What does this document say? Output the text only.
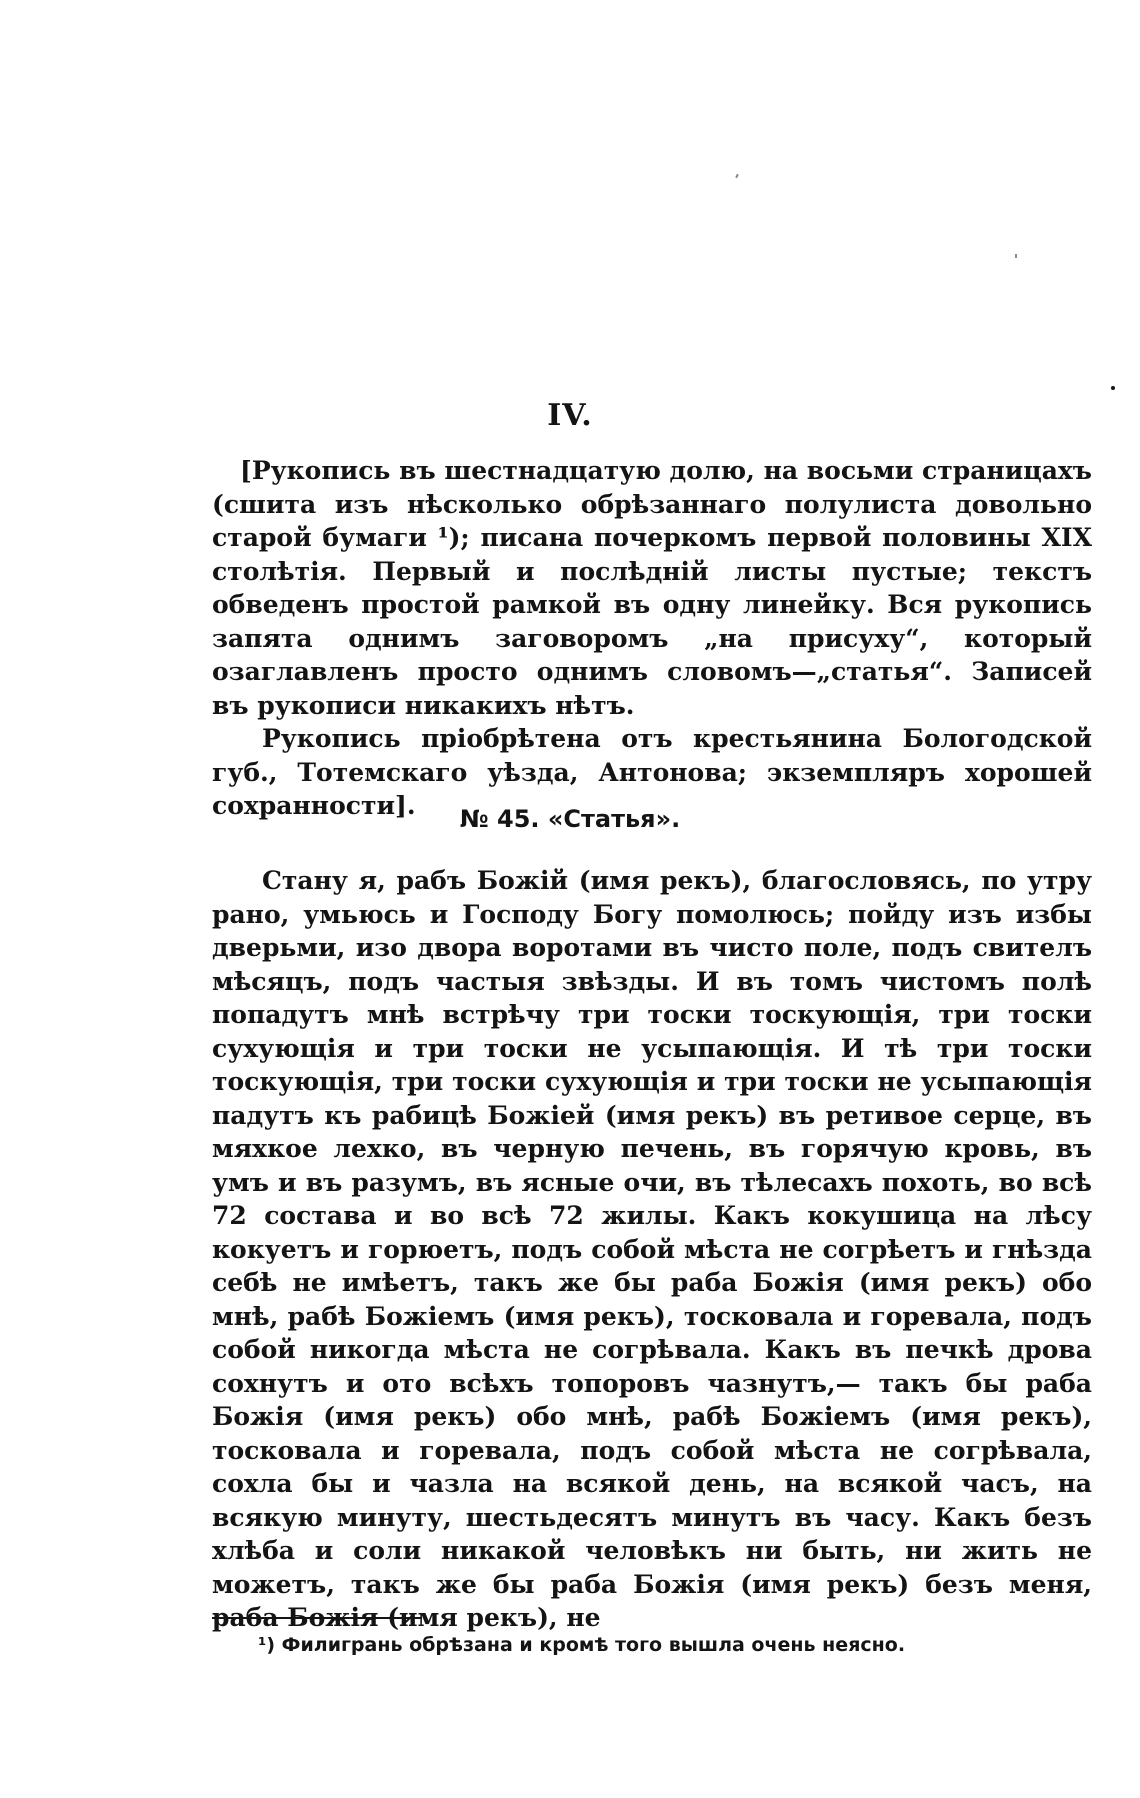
IV.

[Рукопись въ шестнадцатую долю, на восьми страницахъ (сшита изъ нѣсколько обрѣзаннаго полулиста довольно старой бумаги ¹); писана почеркомъ первой половины XIX столѣтія. Первый и послѣдній листы пустые; текстъ обведенъ простой рамкой въ одну линейку. Вся рукопись запята однимъ заговоромъ „на присуху“, который озаглавленъ просто однимъ словомъ—„статья“. Записей въ рукописи никакихъ нѣтъ.

Рукопись пріобрѣтена отъ крестьянина Бологодской губ., Тотемскаго уѣзда, Антонова; экземпляръ хорошей сохранности].	№ 45. «Статья».

Стану я, рабъ Божій (имя рекъ), благословясь, по утру рано, умьюсь и Господу Богу помолюсь; пойду изъ избы дверьми, изо двора воротами въ чисто поле, подъ свителъ мѣсяцъ, подъ частыя звѣзды. И въ томъ чистомъ полѣ попадутъ мнѣ встрѣчу три тоски тоскующія, три тоски сухующія и три тоски не усыпающія. И тѣ три тоски тоскующія, три тоски сухующія и три тоски не усыпающія падутъ къ рабицѣ Божіей (имя рекъ) въ ретивое серце, въ мяхкое лехко, въ черную печень, въ горячую кровь, въ умъ и въ разумъ, въ ясные очи, въ тѣлесахъ похоть, во всѣ 72 состава и во всѣ 72 жилы. Какъ кокушица на лѣсу кокуетъ и горюетъ, подъ собой мѣста не согрѣетъ и гнѣзда себѣ не имѣетъ, такъ же бы раба Божія (имя рекъ) обо мнѣ, рабѣ Божіемъ (имя рекъ), тосковала и горевала, подъ собой никогда мѣста не согрѣвала. Какъ въ печкѣ дрова сохнутъ и ото всѣхъ топоровъ чазнутъ,— такъ бы раба Божія (имя рекъ) обо мнѣ, рабѣ Божіемъ (имя рекъ), тосковала и горевала, подъ собой мѣста не согрѣвала, сохла бы и чазла на всякой день, на всякой часъ, на всякую минуту, шестьдесятъ минутъ въ часу. Какъ безъ хлѣба и соли никакой человѣкъ ни быть, ни жить не можетъ, такъ же бы раба Божія (имя рекъ) безъ меня, раба Божія (имя рекъ), не

¹) Филигрань обрѣзана и кромѣ того вышла очень неясно.
